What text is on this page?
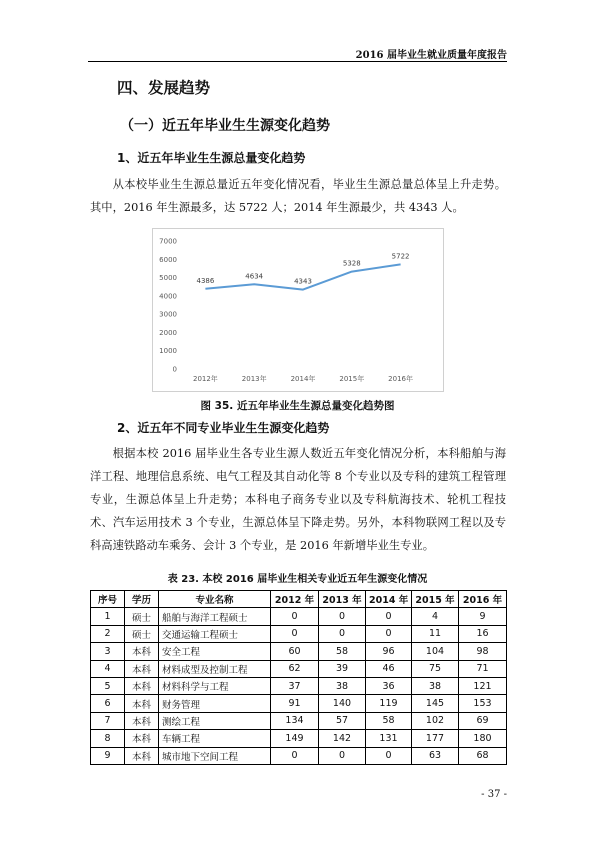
2016 届毕业生就业质量年度报告
四、发展趋势
（一）近五年毕业生生源变化趋势
1、近五年毕业生生源总量变化趋势
从本校毕业生生源总量近五年变化情况看，毕业生生源总量总体呈上升走势。其中，2016 年生源最多，达 5722 人；2014 年生源最少，共 4343 人。
0
1000
2000
3000
4000
5000
6000
7000
2012年	2013年	2014年	2015年	2016年
4386
4634
4343
5328
5722
图 35. 近五年毕业生生源总量变化趋势图
2、近五年不同专业毕业生生源变化趋势
根据本校 2016 届毕业生各专业生源人数近五年变化情况分析，本科船舶与海洋工程、地理信息系统、电气工程及其自动化等 8 个专业以及专科的建筑工程管理专业，生源总体呈上升走势；本科电子商务专业以及专科航海技术、轮机工程技术、汽车运用技术 3 个专业，生源总体呈下降走势。另外，本科物联网工程以及专科高速铁路动车乘务、会计 3 个专业，是 2016 年新增毕业生专业。
表 23. 本校 2016 届毕业生相关专业近五年生源变化情况
序号	学历	专业名称	2012 年	2013 年	2014 年	2015 年	2016 年
1	硕士	船舶与海洋工程硕士	0	0	0	4	9
2	硕士	交通运输工程硕士	0	0	0	11	16
3	本科	安全工程	60	58	96	104	98
4	本科	材料成型及控制工程	62	39	46	75	71
5	本科	材料科学与工程	37	38	36	38	121
6	本科	财务管理	91	140	119	145	153
7	本科	测绘工程	134	57	58	102	69
8	本科	车辆工程	149	142	131	177	180
9	本科	城市地下空间工程	0	0	0	63	68
- 37 -
